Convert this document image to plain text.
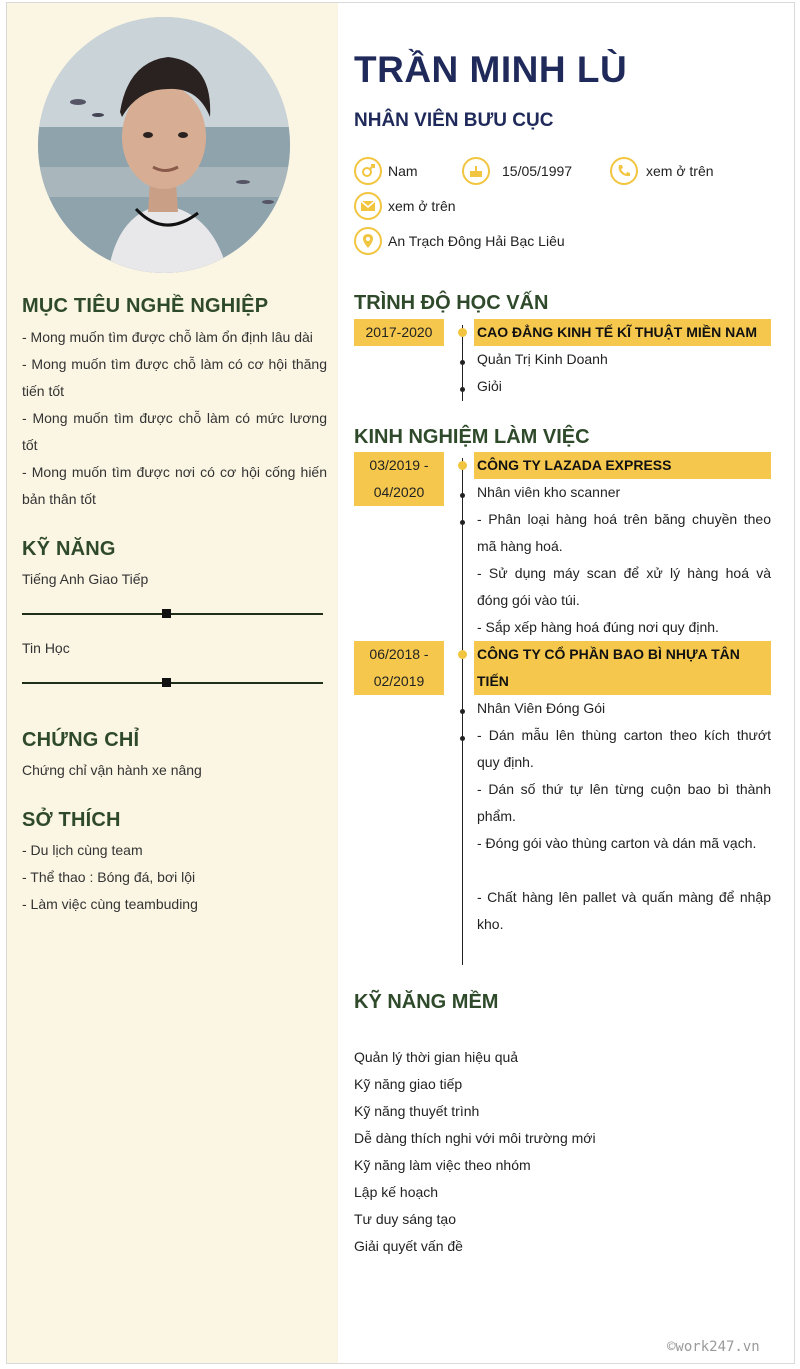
MỤC TIÊU NGHỀ NGHIỆP

- Mong muốn tìm được chỗ làm ổn định lâu dài

- Mong muốn tìm được chỗ làm có cơ hội thăng tiến tốt

- Mong muốn tìm được chỗ làm có mức lương tốt

- Mong muốn tìm được nơi có cơ hội cống hiến bản thân tốt

KỸ NĂNG
Tiếng Anh Giao Tiếp
Tin Học
CHỨNG CHỈ

Chứng chỉ vận hành xe nâng

SỞ THÍCH

- Du lịch cùng team

- Thể thao : Bóng đá, bơi lội

- Làm việc cùng teambuding

TRẦN MINH LÙ
NHÂN VIÊN BƯU CỤC
Nam	15/05/1997	xem ở trên
xem ở trên
An Trạch Đông Hải Bạc Liêu
TRÌNH ĐỘ HỌC VẤN
2017-2020	CAO ĐẲNG KINH TẾ KĨ THUẬT MIỀN NAM
Quản Trị Kinh Doanh
Giỏi
KINH NGHIỆM LÀM VIỆC
03/2019 -
04/2020
CÔNG TY LAZADA EXPRESS
Nhân viên kho scanner
- Phân loại hàng hoá trên băng chuyền theo mã hàng hoá.
- Sử dụng máy scan để xử lý hàng hoá và đóng gói vào túi.
- Sắp xếp hàng hoá đúng nơi quy định.
06/2018 -
02/2019
CÔNG TY CỔ PHẦN BAO BÌ NHỰA TÂN TIẾN
Nhân Viên Đóng Gói
- Dán mẫu lên thùng carton theo kích thướt quy định.
- Dán số thứ tự lên từng cuộn bao bì thành phẩm.
- Đóng gói vào thùng carton và dán mã vạch.
- Chất hàng lên pallet và quấn màng để nhập kho.
KỸ NĂNG MỀM
Quản lý thời gian hiệu quả
Kỹ năng giao tiếp
Kỹ năng thuyết trình
Dễ dàng thích nghi với môi trường mới
Kỹ năng làm việc theo nhóm
Lập kế hoạch
Tư duy sáng tạo
Giải quyết vấn đề
©work247.vn
